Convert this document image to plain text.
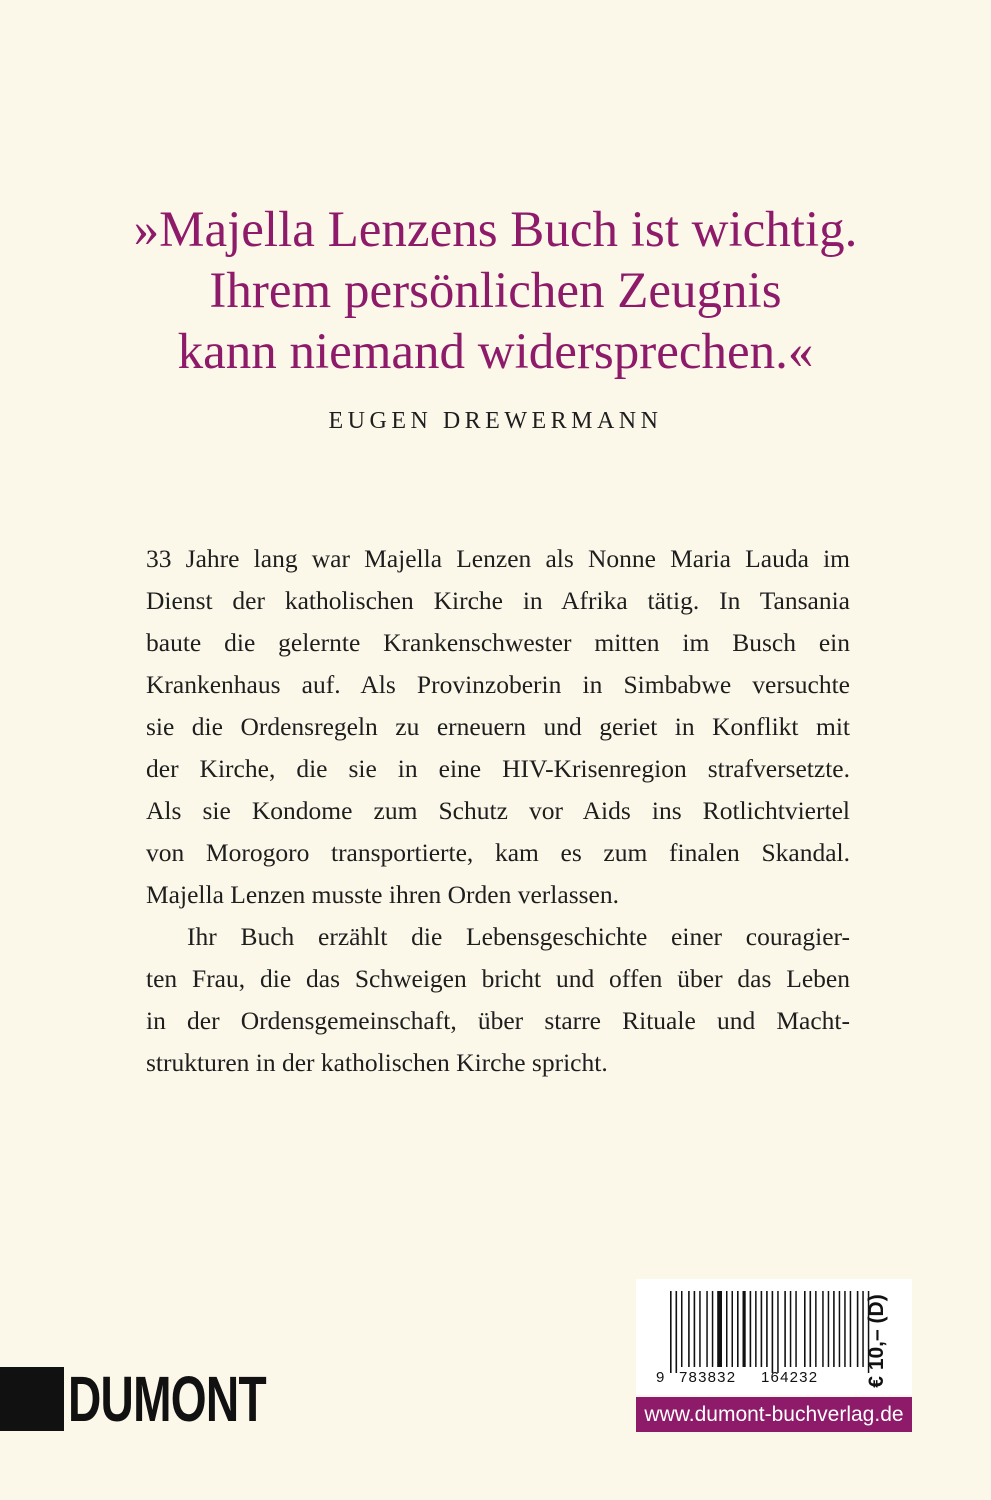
»Majella Lenzens Buch ist wichtig.
Ihrem persönlichen Zeugnis
kann niemand widersprechen.«
EUGEN DREWERMANN
33 Jahre lang war Majella Lenzen als Nonne Maria Lauda im
Dienst der katholischen Kirche in Afrika tätig. In Tansania
baute die gelernte Krankenschwester mitten im Busch ein
Krankenhaus auf. Als Provinzoberin in Simbabwe versuchte
sie die Ordensregeln zu erneuern und geriet in Konflikt mit
der Kirche, die sie in eine HIV-Krisenregion strafversetzte.
Als sie Kondome zum Schutz vor Aids ins Rotlichtviertel
von Morogoro transportierte, kam es zum finalen Skandal.
Majella Lenzen musste ihren Orden verlassen.
Ihr Buch erzählt die Lebensgeschichte einer couragier-
ten Frau, die das Schweigen bricht und offen über das Leben
in der Ordensgemeinschaft, über starre Rituale und Macht-
strukturen in der katholischen Kirche spricht.
DUMONT	9 783832 164232 € 10,– (D)
www.dumont-buchverlag.de
